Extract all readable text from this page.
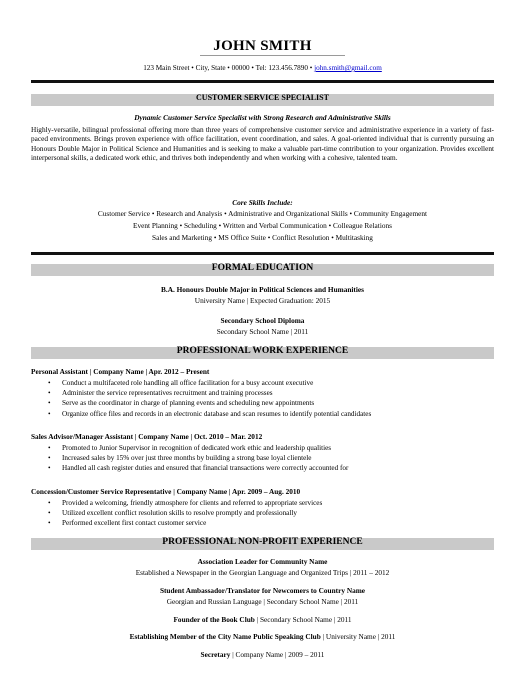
JOHN SMITH
123 Main Street • City, State • 00000 • Tel: 123.456.7890 • john.smith@gmail.com
CUSTOMER SERVICE SPECIALIST
Dynamic Customer Service Specialist with Strong Research and Administrative Skills
Highly-versatile, bilingual professional offering more than three years of comprehensive customer service and administrative experience in a variety of fast-paced environments. Brings proven experience with office facilitation, event coordination, and sales. A goal-oriented individual that is currently pursuing an Honours Double Major in Political Science and Humanities and is seeking to make a valuable part-time contribution to your organization. Provides excellent interpersonal skills, a dedicated work ethic, and thrives both independently and when working with a cohesive, talented team.
Core Skills Include:
Customer Service • Research and Analysis • Administrative and Organizational Skills • Community Engagement
Event Planning • Scheduling • Written and Verbal Communication • Colleague Relations
Sales and Marketing • MS Office Suite • Conflict Resolution • Multitasking
FORMAL EDUCATION
B.A. Honours Double Major in Political Sciences and Humanities
University Name | Expected Graduation: 2015
Secondary School Diploma
Secondary School Name | 2011
PROFESSIONAL WORK EXPERIENCE
Personal Assistant | Company Name | Apr. 2012 – Present
• Conduct a multifaceted role handling all office facilitation for a busy account executive
• Administer the service representatives recruitment and training processes
• Serve as the coordinator in charge of planning events and scheduling new appointments
• Organize office files and records in an electronic database and scan resumes to identify potential candidates
Sales Advisor/Manager Assistant | Company Name | Oct. 2010 – Mar. 2012
• Promoted to Junior Supervisor in recognition of dedicated work ethic and leadership qualities
• Increased sales by 15% over just three months by building a strong base loyal clientele
• Handled all cash register duties and ensured that financial transactions were correctly accounted for
Concession/Customer Service Representative | Company Name | Apr. 2009 – Aug. 2010
• Provided a welcoming, friendly atmosphere for clients and referred to appropriate services
• Utilized excellent conflict resolution skills to resolve promptly and professionally
• Performed excellent first contact customer service
PROFESSIONAL NON-PROFIT EXPERIENCE
Association Leader for Community Name
Established a Newspaper in the Georgian Language and Organized Trips | 2011 – 2012
Student Ambassador/Translator for Newcomers to Country Name
Georgian and Russian Language | Secondary School Name | 2011
Founder of the Book Club | Secondary School Name | 2011
Establishing Member of the City Name Public Speaking Club | University Name | 2011
Secretary | Company Name | 2009 – 2011
